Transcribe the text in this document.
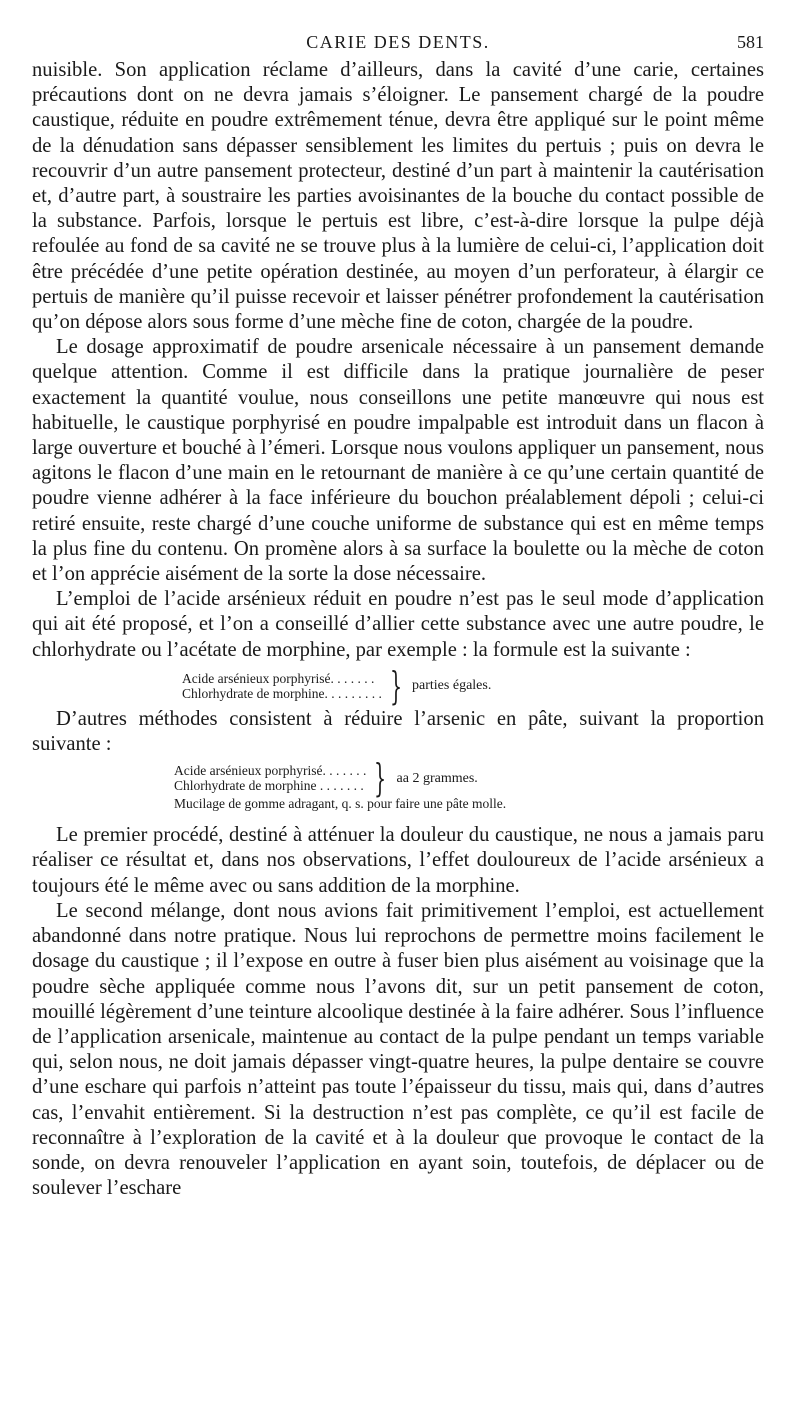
CARIE DES DENTS.	581

nuisible. Son application réclame d’ailleurs, dans la cavité d’une carie, certaines précautions dont on ne devra jamais s’éloigner. Le pansement chargé de la poudre caustique, réduite en poudre extrêmement ténue, devra être appliqué sur le point même de la dénudation sans dépasser sensiblement les limites du pertuis ; puis on devra le recouvrir d’un autre pansement protecteur, destiné d’un part à maintenir la cautérisation et, d’autre part, à soustraire les parties avoisinantes de la bouche du contact possible de la substance. Parfois, lorsque le pertuis est libre, c’est-à-dire lorsque la pulpe déjà refoulée au fond de sa cavité ne se trouve plus à la lumière de celui-ci, l’application doit être précédée d’une petite opération destinée, au moyen d’un perforateur, à élargir ce pertuis de manière qu’il puisse recevoir et laisser pénétrer profondement la cautérisation qu’on dépose alors sous forme d’une mèche fine de coton, chargée de la poudre.

Le dosage approximatif de poudre arsenicale nécessaire à un pansement demande quelque attention. Comme il est difficile dans la pratique journalière de peser exactement la quantité voulue, nous conseillons une petite manœuvre qui nous est habituelle, le caustique porphyrisé en poudre impalpable est introduit dans un flacon à large ouverture et bouché à l’émeri. Lorsque nous voulons appliquer un pansement, nous agitons le flacon d’une main en le retournant de manière à ce qu’une certain quantité de poudre vienne adhérer à la face inférieure du bouchon préalablement dépoli ; celui-ci retiré ensuite, reste chargé d’une couche uniforme de substance qui est en même temps la plus fine du contenu. On promène alors à sa surface la boulette ou la mèche de coton et l’on apprécie aisément de la sorte la dose nécessaire.

L’emploi de l’acide arsénieux réduit en poudre n’est pas le seul mode d’application qui ait été proposé, et l’on a conseillé d’allier cette substance avec une autre poudre, le chlorhydrate ou l’acétate de morphine, par exemple : la formule est la suivante :

Acide arsénieux porphyrisé. . . . . . .
Chlorhydrate de morphine. . . . . . . . . } parties égales.

D’autres méthodes consistent à réduire l’arsenic en pâte, suivant la proportion suivante :

Acide arsénieux porphyrisé. . . . . . .
Chlorhydrate de morphine . . . . . . . } aa 2 grammes.
Mucilage de gomme adragant, q. s. pour faire une pâte molle.

Le premier procédé, destiné à atténuer la douleur du caustique, ne nous a jamais paru réaliser ce résultat et, dans nos observations, l’effet douloureux de l’acide arsénieux a toujours été le même avec ou sans addition de la morphine.

Le second mélange, dont nous avions fait primitivement l’emploi, est actuellement abandonné dans notre pratique. Nous lui reprochons de permettre moins facilement le dosage du caustique ; il l’expose en outre à fuser bien plus aisément au voisinage que la poudre sèche appliquée comme nous l’avons dit, sur un petit pansement de coton, mouillé légèrement d’une teinture alcoolique destinée à la faire adhérer. Sous l’influence de l’application arsenicale, maintenue au contact de la pulpe pendant un temps variable qui, selon nous, ne doit jamais dépasser vingt-quatre heures, la pulpe dentaire se couvre d’une eschare qui parfois n’atteint pas toute l’épaisseur du tissu, mais qui, dans d’autres cas, l’envahit entièrement. Si la destruction n’est pas complète, ce qu’il est facile de reconnaître à l’exploration de la cavité et à la douleur que provoque le contact de la sonde, on devra renouveler l’application en ayant soin, toutefois, de déplacer ou de soulever l’eschare
